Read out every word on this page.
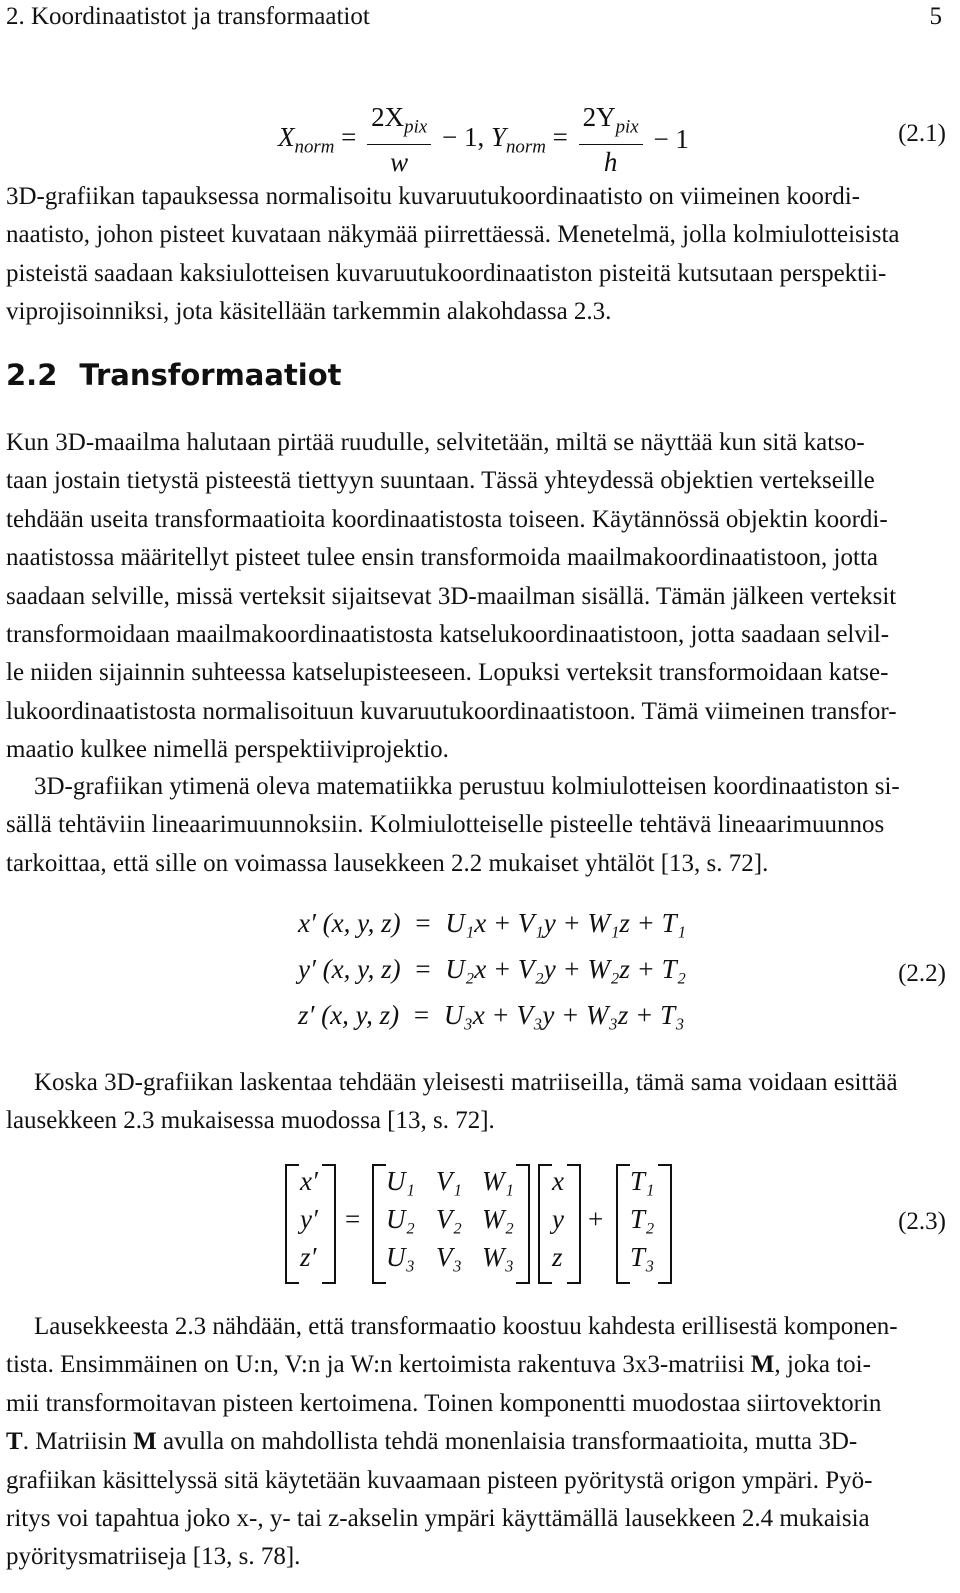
2. Koordinaatistot ja transformaatiot	5
$X_{norm} = \frac{2X_{pix}}{w} - 1$, $Y_{norm} = \frac{2Y_{pix}}{h} - 1$	(2.1)
3D-grafiikan tapauksessa normalisoitu kuvaruutukoordinaatisto on viimeinen koordi-
naatisto, johon pisteet kuvataan näkymää piirrettäessä. Menetelmä, jolla kolmiulotteisista
pisteistä saadaan kaksiulotteisen kuvaruutukoordinaatiston pisteitä kutsutaan perspektii-
viprojisoinniksi, jota käsitellään tarkemmin alakohdassa 2.3.
2.2 Transformaatiot
Kun 3D-maailma halutaan pirtää ruudulle, selvitetään, miltä se näyttää kun sitä katso-
taan jostain tietystä pisteestä tiettyyn suuntaan. Tässä yhteydessä objektien vertekseille
tehdään useita transformaatioita koordinaatistosta toiseen. Käytännössä objektin koordi-
naatistossa määritellyt pisteet tulee ensin transformoida maailmakoordinaatistoon, jotta
saadaan selville, missä verteksit sijaitsevat 3D-maailman sisällä. Tämän jälkeen verteksit
transformoidaan maailmakoordinaatistosta katselukoordinaatistoon, jotta saadaan selvil-
le niiden sijainnin suhteessa katselupisteeseen. Lopuksi verteksit transformoidaan katse-
lukoordinaatistosta normalisoituun kuvaruutukoordinaatistoon. Tämä viimeinen transfor-
maatio kulkee nimellä perspektiiviprojektio.
3D-grafiikan ytimenä oleva matematiikka perustuu kolmiulotteisen koordinaatiston si-
sällä tehtäviin lineaarimuunnoksiin. Kolmiulotteiselle pisteelle tehtävä lineaarimuunnos
tarkoittaa, että sille on voimassa lausekkeen 2.2 mukaiset yhtälöt [13, s. 72].
x′ (x, y, z) = U₁x + V₁y + W₁z + T₁
y′ (x, y, z) = U₂x + V₂y + W₂z + T₂
z′ (x, y, z) = U₃x + V₃y + W₃z + T₃
(2.2)
Koska 3D-grafiikan laskentaa tehdään yleisesti matriiseilla, tämä sama voidaan esittää
lausekkeen 2.3 mukaisessa muodossa [13, s. 72].
x′
y′
z′
=
U₁ V₁ W₁
U₂ V₂ W₂
U₃ V₃ W₃
x
y
z
+
T₁
T₂
T₃
(2.3)
Lausekkeesta 2.3 nähdään, että transformaatio koostuu kahdesta erillisestä komponen-
tista. Ensimmäinen on U:n, V:n ja W:n kertoimista rakentuva 3x3-matriisi M, joka toi-
mii transformoitavan pisteen kertoimena. Toinen komponentti muodostaa siirtovektorin
T. Matriisin M avulla on mahdollista tehdä monenlaisia transformaatioita, mutta 3D-
grafiikan käsittelyssä sitä käytetään kuvaamaan pisteen pyöritystä origon ympäri. Pyö-
ritys voi tapahtua joko x-, y- tai z-akselin ympäri käyttämällä lausekkeen 2.4 mukaisia
pyöritysmatriiseja [13, s. 78].
